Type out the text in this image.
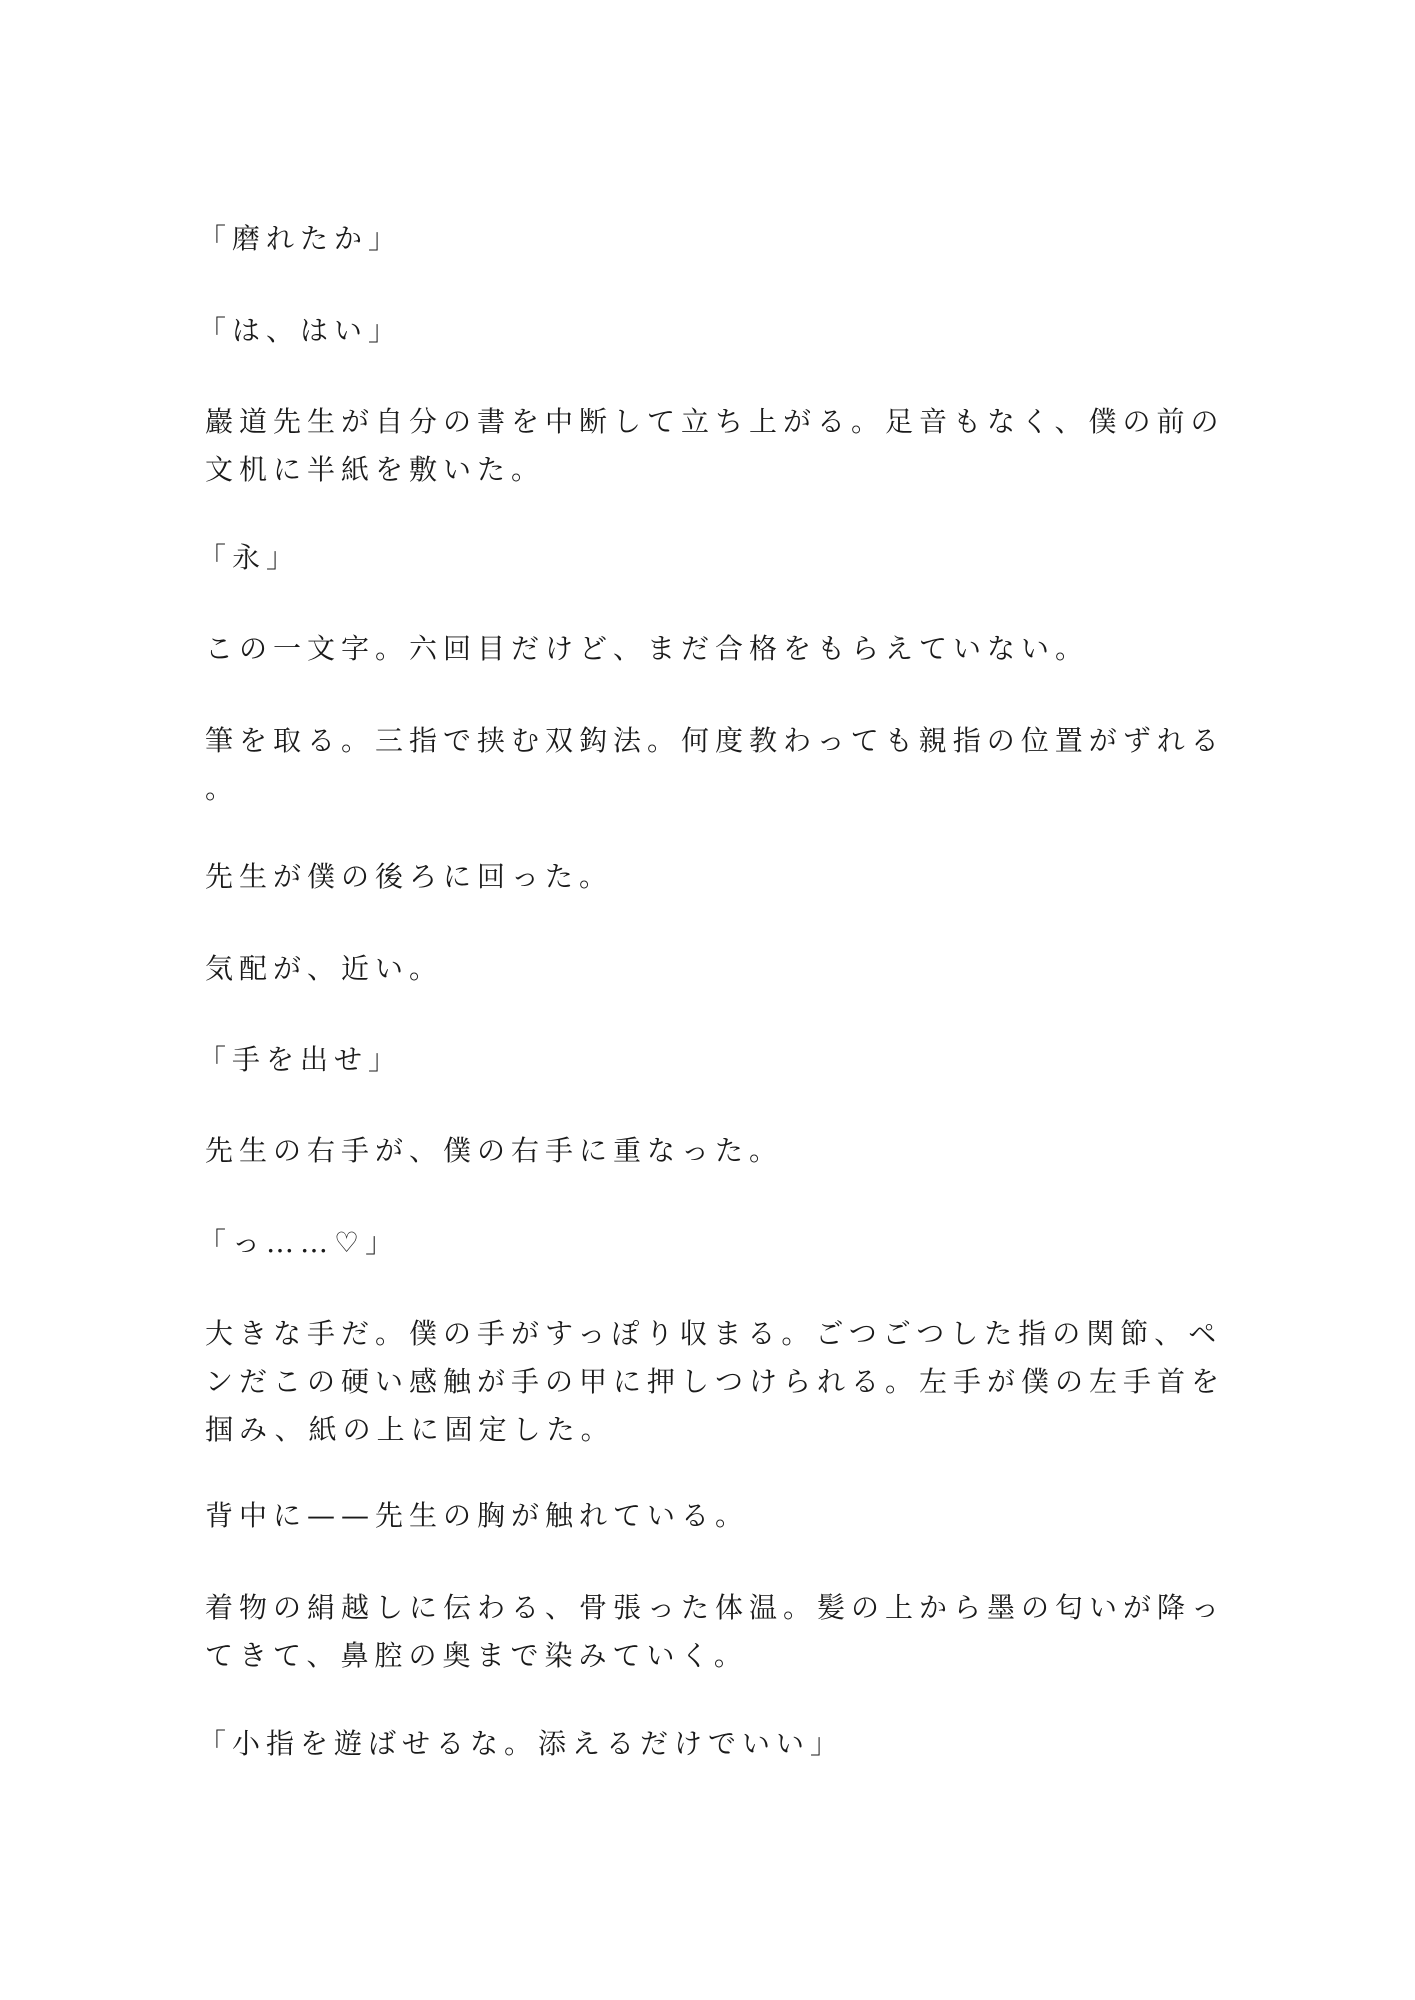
「磨れたか」

「は、はい」

巖道先生が自分の書を中断して立ち上がる。足音もなく、僕の前の
文机に半紙を敷いた。

「永」

この一文字。六回目だけど、まだ合格をもらえていない。

筆を取る。三指で挟む双鈎法。何度教わっても親指の位置がずれる
。

先生が僕の後ろに回った。

気配が、近い。

「手を出せ」

先生の右手が、僕の右手に重なった。

「っ……♡」

大きな手だ。僕の手がすっぽり収まる。ごつごつした指の関節、ペ
ンだこの硬い感触が手の甲に押しつけられる。左手が僕の左手首を
掴み、紙の上に固定した。

背中に——先生の胸が触れている。

着物の絹越しに伝わる、骨張った体温。髪の上から墨の匂いが降っ
てきて、鼻腔の奥まで染みていく。

「小指を遊ばせるな。添えるだけでいい」
